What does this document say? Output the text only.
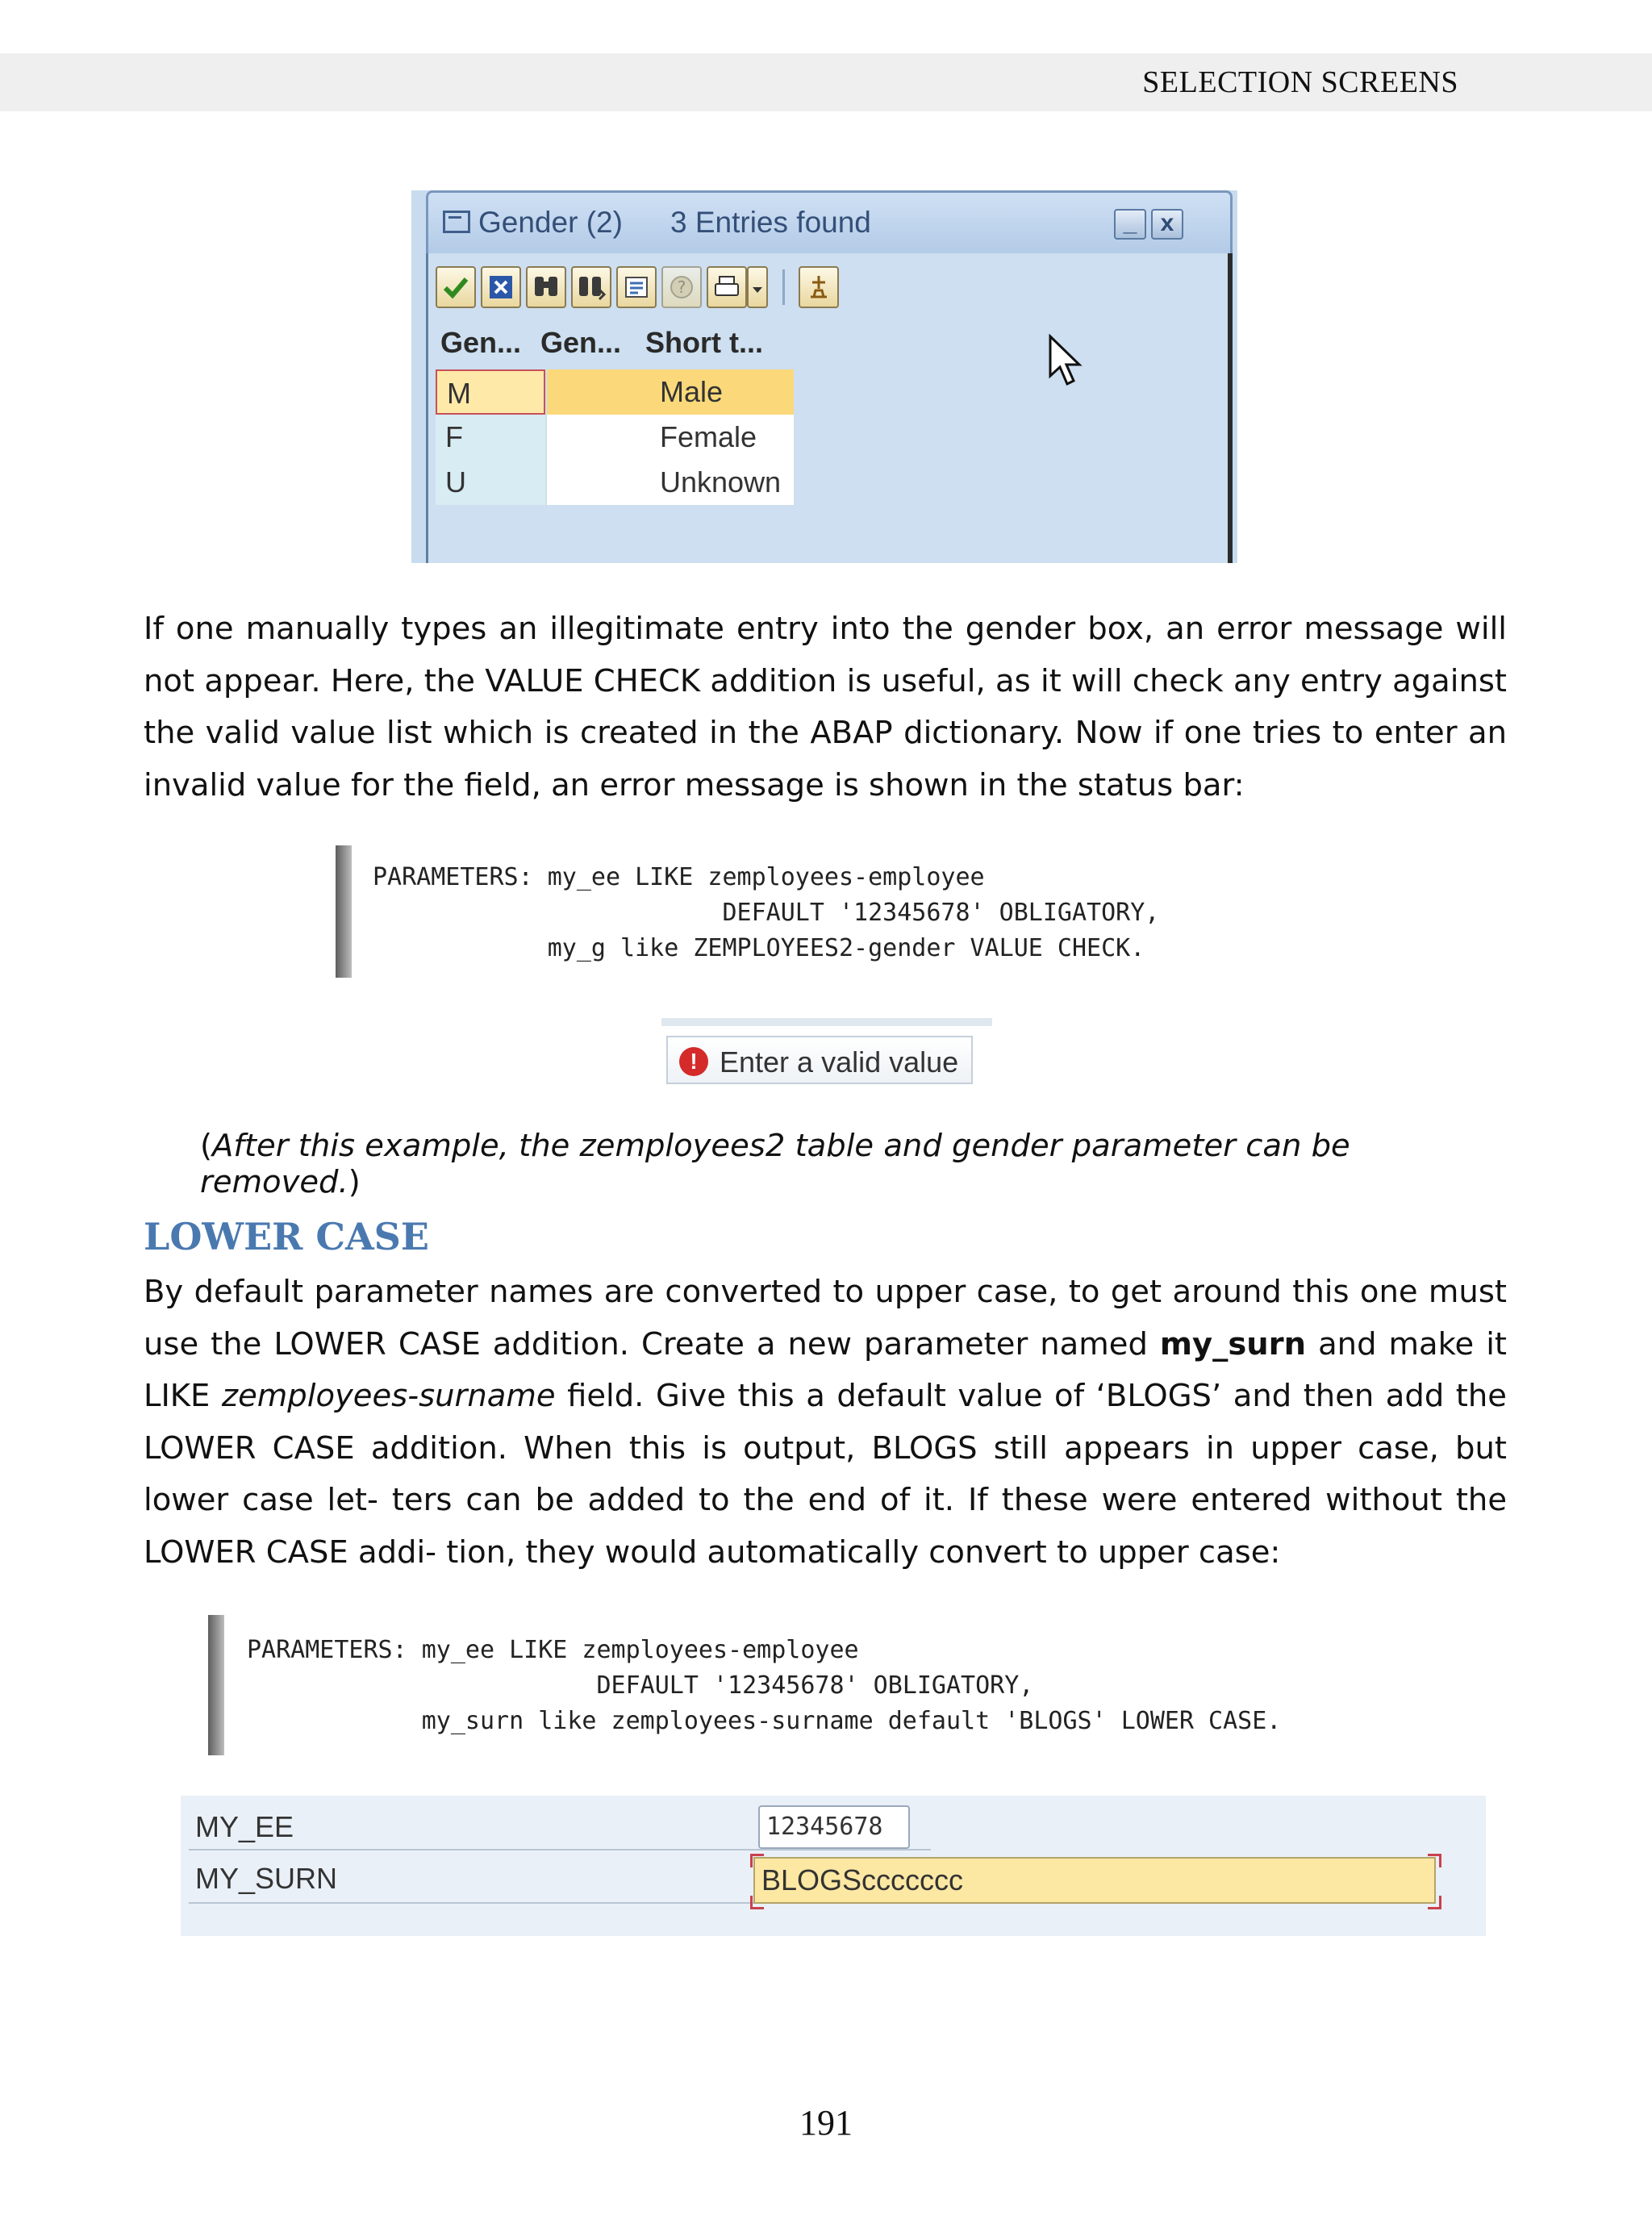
SELECTION SCREENS
Gender (2) 3 Entries found	_ x
?
Gen... Gen... Short t...
M	Male
F	Female
U	Unknown
If one manually types an illegitimate entry into the gender box, an error message will not appear. Here, the VALUE CHECK addition is useful, as it will check any entry against the valid value list which is created in the ABAP dictionary. Now if one tries to enter an invalid value for the field, an error message is shown in the status bar:
PARAMETERS: my_ee LIKE zemployees-employee
DEFAULT '12345678' OBLIGATORY,
my_g like ZEMPLOYEES2-gender VALUE CHECK.
! Enter a valid value
(After this example, the zemployees2 table and gender parameter can be removed.)
LOWER CASE
By default parameter names are converted to upper case, to get around this one must use the LOWER CASE addition. Create a new parameter named my_surn and make it LIKE zemployees-surname field. Give this a default value of ‘BLOGS’ and then add the LOWER CASE addition. When this is output, BLOGS still appears in upper case, but lower case let- ters can be added to the end of it. If these were entered without the LOWER CASE addi- tion, they would automatically convert to upper case:
PARAMETERS: my_ee LIKE zemployees-employee
DEFAULT '12345678' OBLIGATORY,
my_surn like zemployees-surname default 'BLOGS' LOWER CASE.
MY_EE	12345678
MY_SURN	BLOGSccccccc
191
